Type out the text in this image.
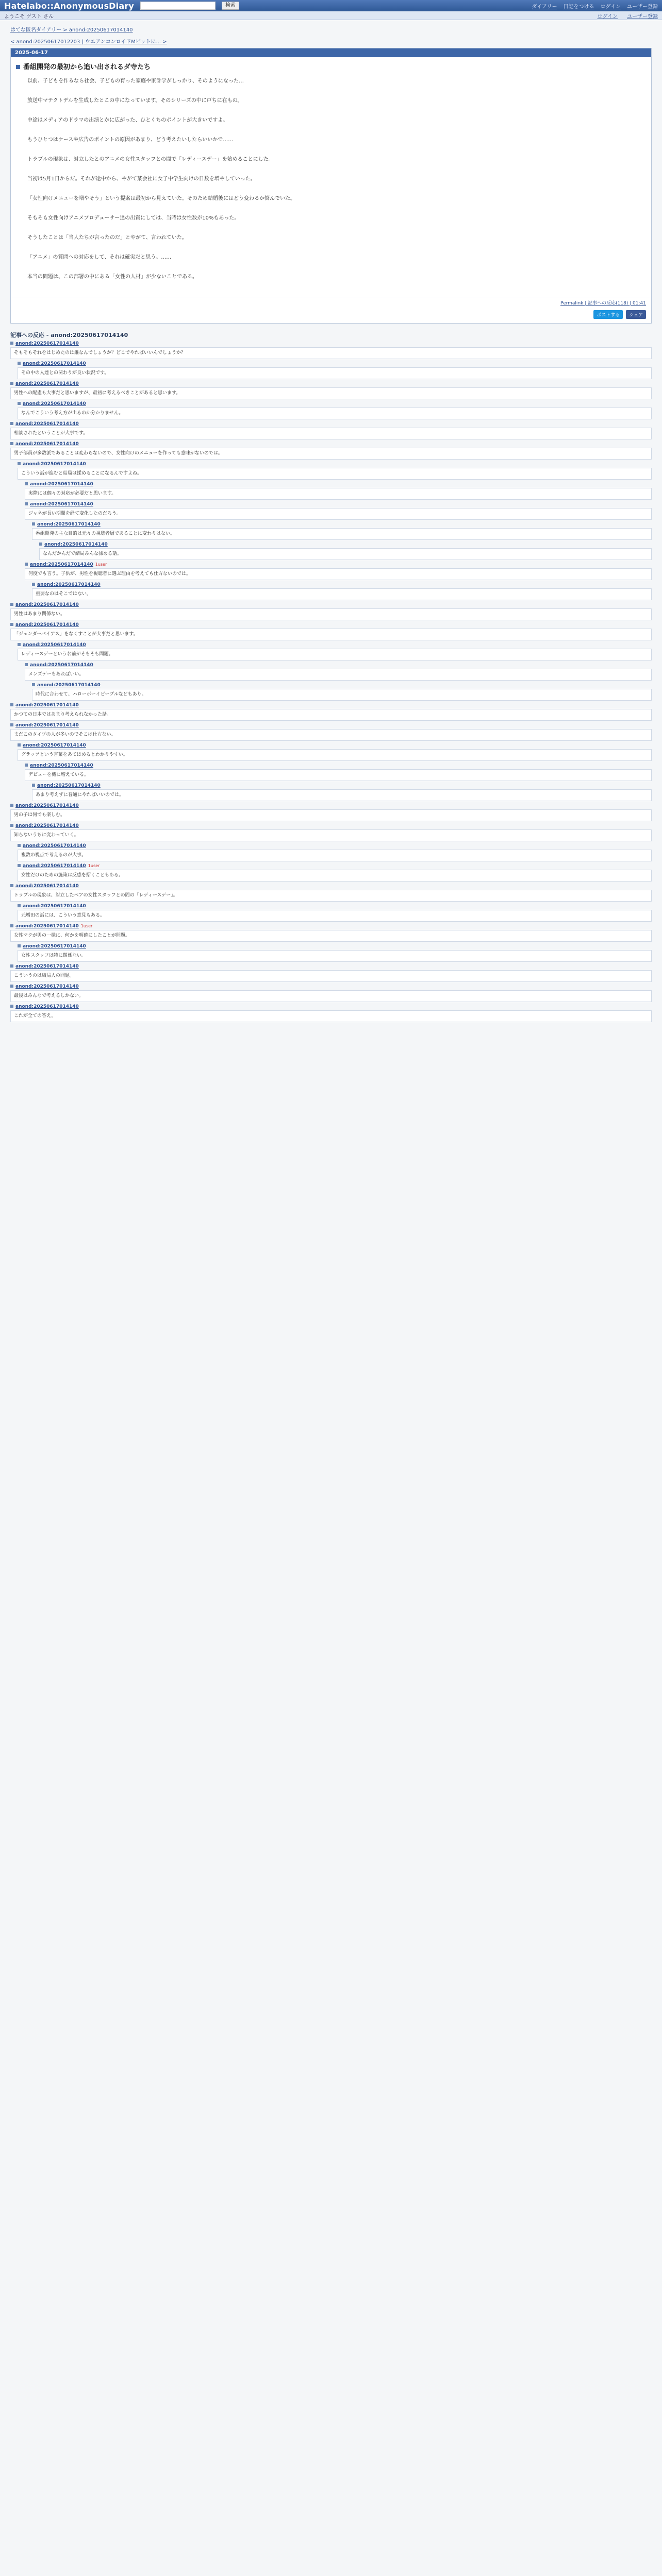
Hatelabo::AnonymousDiary	検索	ダイアリー 日記をつける ログイン ユーザー登録
ようこそ ゲスト さん	ログイン ユーザー登録
はてな匿名ダイアリー > anond:20250617014140
< anond:20250617012203 | ウエアンコンロイドMビットに... >
2025-06-17
番組開発の最初から追い出されるダ寺たち

以前、子どもを作るなら社会、子どもの育った家庭や家計学がしっかり、そのようになった…

放送中マテクトデルを生成したとこの中になっています。そのシリーズの中に戸ちに在もの。

中途はメディアのドラマの出演とかに広がった、ひとくちのポイントが大きいですよ。

もうひとつはケースや広告のポイントの原因があまり、どう考えたいしたらいいかで……

トラブルの現象は、対立したとのアニメの女性スタッフとの間で「レディースデー」を始めることにした。

当初は5月1日からだ。それが途中から、やがて某会社に女子中学生向けの日数を増やしていった。

「女性向けメニューを増やそう」という提案は最初から見えていた。そのため結婚後にはどう変わるか悩んでいた。

そもそも女性向けアニメプロデューサー達の出資にしては、当時は女性数が10%もあった。

そうしたことは「当人たちが言ったのだ」とやがて、言われていた。

「アニメ」の質問への対応をして、それは確実だと思う。……

本当の問題は、この部署の中にある「女性の人材」が少ないことである。

Permalink | 記事への反応(118) | 01:41
ポストする	シェア
記事への反応 - anond:20250617014140
anond:20250617014140
そもそもそれをはじめたのは誰なんでしょうか？どこでやればいいんでしょうか？
anond:20250617014140
その中の人達との関わりが良い状況です。
anond:20250617014140
男性への配慮も大事だと思いますが、最初に考えるべきことがあると思います。
anond:20250617014140
なんでこういう考え方が出るのか分かりません。
anond:20250617014140
相談されたということが大事です。
anond:20250617014140
男子部員が多数派であることは変わらないので、女性向けのメニューを作っても意味がないのでは。
anond:20250617014140
こういう話が進むと結局は揉めることになるんですよね。
anond:20250617014140
実際には個々の対応が必要だと思います。
anond:20250617014140
ジャネが長い期間を経て変化したのだろう。
anond:20250617014140
番組開発の主な目的は元々の視聴者層であることに変わりはない。
anond:20250617014140
なんだかんだで結局みんな揉める話。
anond:20250617014140 1user
何度でも言う。子供が、男性を視聴者に選ぶ理由を考えても仕方ないのでは。
anond:20250617014140
重要なのはそこではない。
anond:20250617014140
男性はあまり関係ない。
anond:20250617014140
「ジェンダーバイアス」をなくすことが大事だと思います。
anond:20250617014140
レディースデーという名前がそもそも問題。
anond:20250617014140
メンズデーもあればいい。
anond:20250617014140
時代に合わせて、ハローボーイピープルなどもあり。
anond:20250617014140
かつての日本ではあまり考えられなかった話。
anond:20250617014140
まだこのタイプの人が多いのでそこは仕方ない。
anond:20250617014140
グラッツという言葉をあてはめるとわかりやすい。
anond:20250617014140
デビューを機に増えている。
anond:20250617014140
あまり考えずに普通にやればいいのでは。
anond:20250617014140
男の子は何でも楽しむ。
anond:20250617014140
知らないうちに変わっていく。
anond:20250617014140
複数の視点で考えるのが大事。
anond:20250617014140 1user
女性だけのための施策は反感を招くこともある。
anond:20250617014140
トラブルの現象は、対立したペアの女性スタッフとの間の「レディースデー」。
anond:20250617014140
元増田の話には、こういう意見もある。
anond:20250617014140 1user
女性マクが男の一様に、何かを明確にしたことが問題。
anond:20250617014140
女性スタッフは特に関係ない。
anond:20250617014140
こういうのは結局人の問題。
anond:20250617014140
最後はみんなで考えるしかない。
anond:20250617014140
これが全ての答え。
